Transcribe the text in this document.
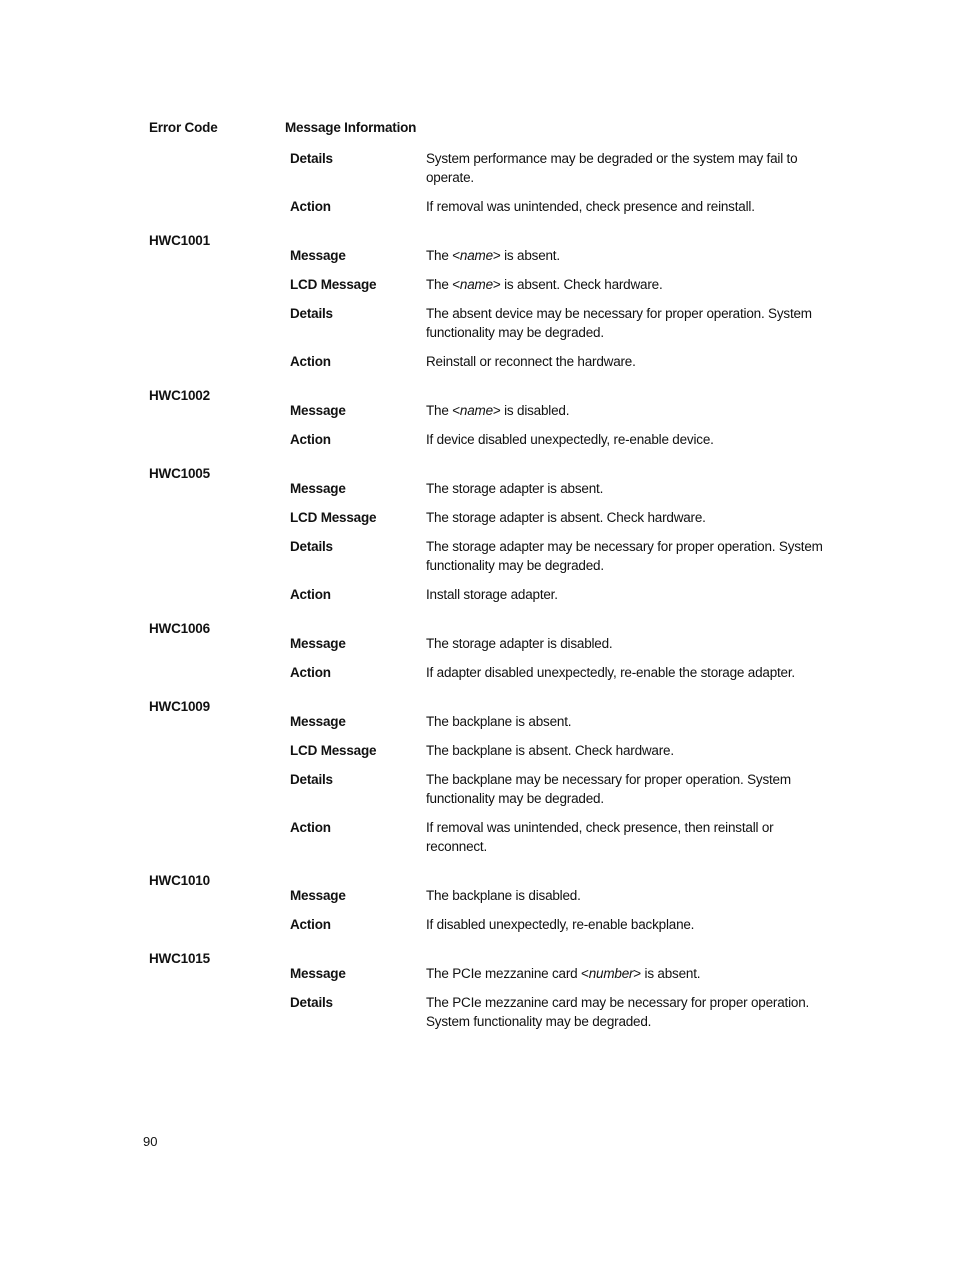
Error Code	Message Information
Details	System performance may be degraded or the system may fail to operate.
Action	If removal was unintended, check presence and reinstall.
HWC1001
Message	The <name> is absent.
LCD Message	The <name> is absent. Check hardware.
Details	The absent device may be necessary for proper operation. System functionality may be degraded.
Action	Reinstall or reconnect the hardware.
HWC1002
Message	The <name> is disabled.
Action	If device disabled unexpectedly, re-enable device.
HWC1005
Message	The storage adapter is absent.
LCD Message	The storage adapter is absent. Check hardware.
Details	The storage adapter may be necessary for proper operation. System functionality may be degraded.
Action	Install storage adapter.
HWC1006
Message	The storage adapter is disabled.
Action	If adapter disabled unexpectedly, re-enable the storage adapter.
HWC1009
Message	The backplane is absent.
LCD Message	The backplane is absent. Check hardware.
Details	The backplane may be necessary for proper operation. System functionality may be degraded.
Action	If removal was unintended, check presence, then reinstall or reconnect.
HWC1010
Message	The backplane is disabled.
Action	If disabled unexpectedly, re-enable backplane.
HWC1015
Message	The PCIe mezzanine card <number> is absent.
Details	The PCIe mezzanine card may be necessary for proper operation. System functionality may be degraded.
90
